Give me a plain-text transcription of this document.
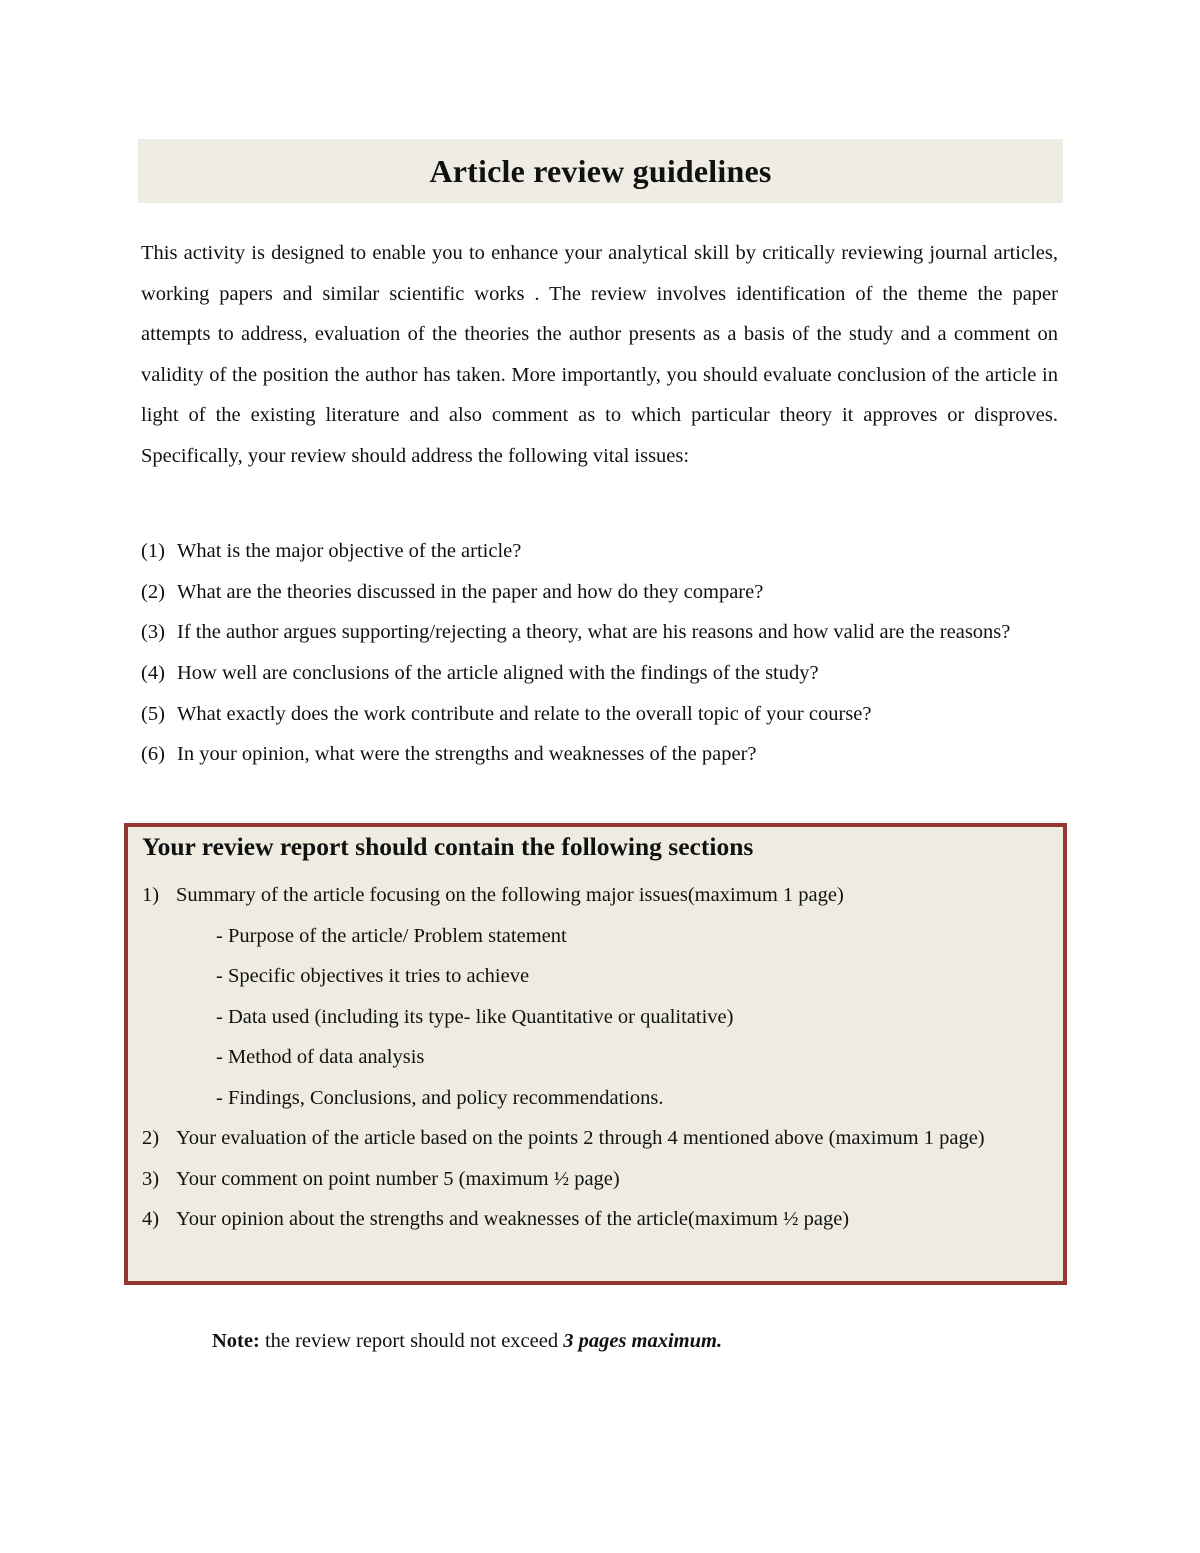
Article review guidelines

This activity is designed to enable you to enhance your analytical skill by critically reviewing journal articles, working papers and similar scientific works . The review involves identification of the theme the paper attempts to address, evaluation of the theories the author presents as a basis of the study and a comment on validity of the position the author has taken. More importantly, you should evaluate conclusion of the article in light of the existing literature and also comment as to which particular theory it approves or disproves. Specifically, your review should address the following vital issues:

(1) What is the major objective of the article?
(2) What are the theories discussed in the paper and how do they compare?
(3) If the author argues supporting/rejecting a theory, what are his reasons and how valid are the reasons?
(4) How well are conclusions of the article aligned with the findings of the study?
(5) What exactly does the work contribute and relate to the overall topic of your course?
(6) In your opinion, what were the strengths and weaknesses of the paper?
Your review report should contain the following sections
1) Summary of the article focusing on the following major issues(maximum 1 page)
- Purpose of the article/ Problem statement
- Specific objectives it tries to achieve
- Data used (including its type- like Quantitative or qualitative)
- Method of data analysis
- Findings, Conclusions, and policy recommendations.
2) Your evaluation of the article based on the points 2 through 4 mentioned above (maximum 1 page)
3) Your comment on point number 5 (maximum ½ page)
4) Your opinion about the strengths and weaknesses of the article(maximum ½ page)

Note: the review report should not exceed 3 pages maximum.
